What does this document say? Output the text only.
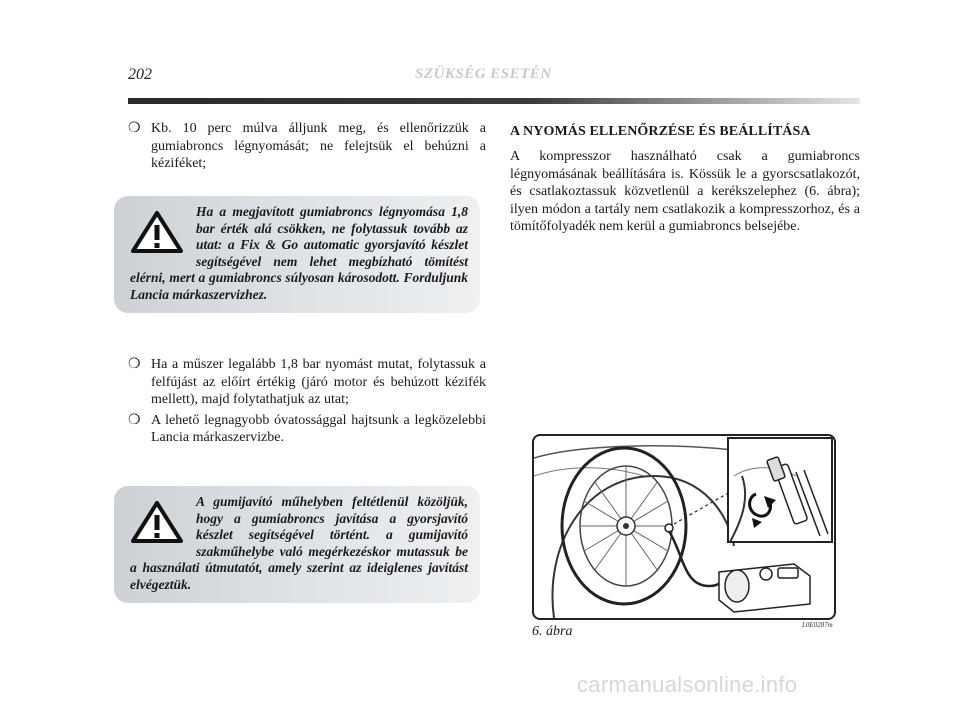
202	SZÜKSÉG ESETÉN
❍ Kb. 10 perc múlva álljunk meg, és ellenőrizzük a gumiabroncs légnyomását; ne felejtsük el behúzni a kéziféket;
Ha a megjavított gumiabroncs légnyomása 1,8 bar érték alá csökken, ne folytassuk tovább az utat: a Fix & Go automatic gyorsjavító készlet segítségével nem lehet megbízható tömítést elérni, mert a gumiabroncs súlyosan károsodott. Forduljunk Lancia márkaszervizhez.
❍ Ha a műszer legalább 1,8 bar nyomást mutat, folytassuk a felfújást az előírt értékig (járó motor és behúzott kézifék mellett), majd folytathatjuk az utat;
❍ A lehető legnagyobb óvatossággal hajtsunk a legközelebbi Lancia márkaszervizbe.
A gumijavító műhelyben feltétlenül közöljük, hogy a gumiabroncs javítása a gyorsjavító készlet segítségével történt. a gumijavító szakműhelybe való megérkezéskor mutassuk be a használati útmutatót, amely szerint az ideiglenes javítást elvégeztük.
A NYOMÁS ELLENŐRZÉSE ÉS BEÁLLÍTÁSA

A kompresszor használható csak a gumiabroncs légnyomásának beállítására is. Kössük le a gyorscsatlakozót, és csatlakoztassuk közvetlenül a kerékszelephez (6. ábra); ilyen módon a tartály nem csatlakozik a kompresszorhoz, és a tömítőfolyadék nem kerül a gumiabroncs belsejébe.

L0E0287m
6. ábra
carmanualsonline.info
